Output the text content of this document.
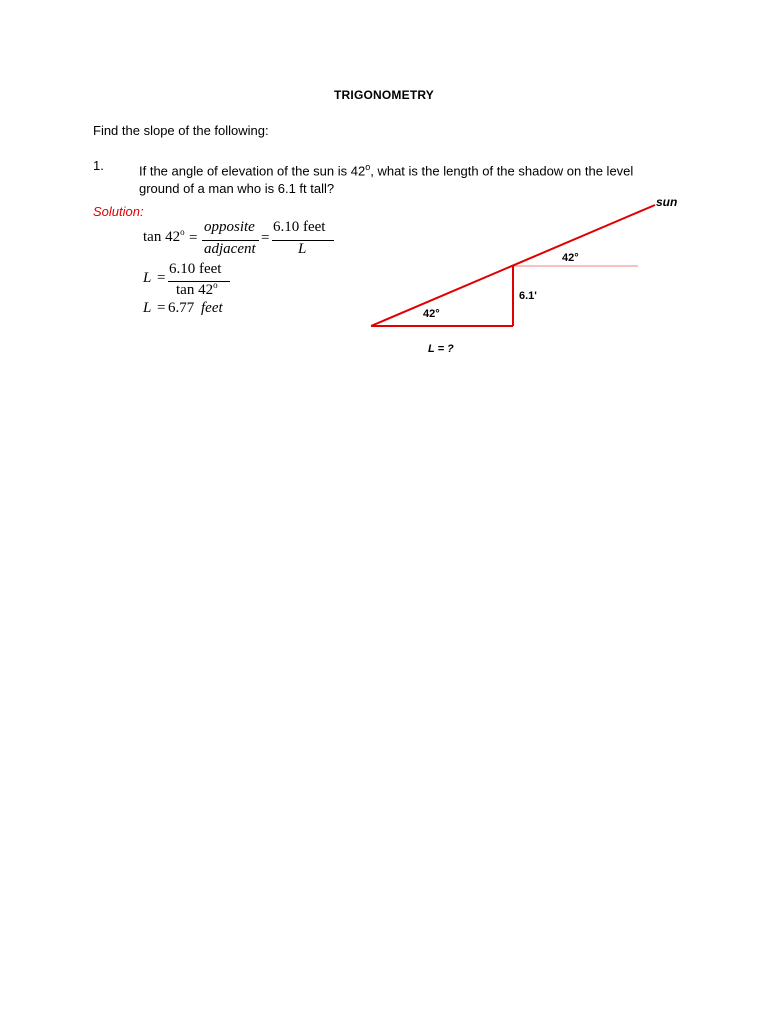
TRIGONOMETRY
Find the slope of the following:
1.	If the angle of elevation of the sun is 42$^o$, what is the length of the shadow on the level ground of a man who is 6.1 ft tall?
Solution:
$\tan 42^o$ =
opposite
adjacent
=
6.10 feet
L
L =
6.10 feet
tan 42$^o$
L = 6.77 feet
sun
42°
6.1'
42°
L = ?
